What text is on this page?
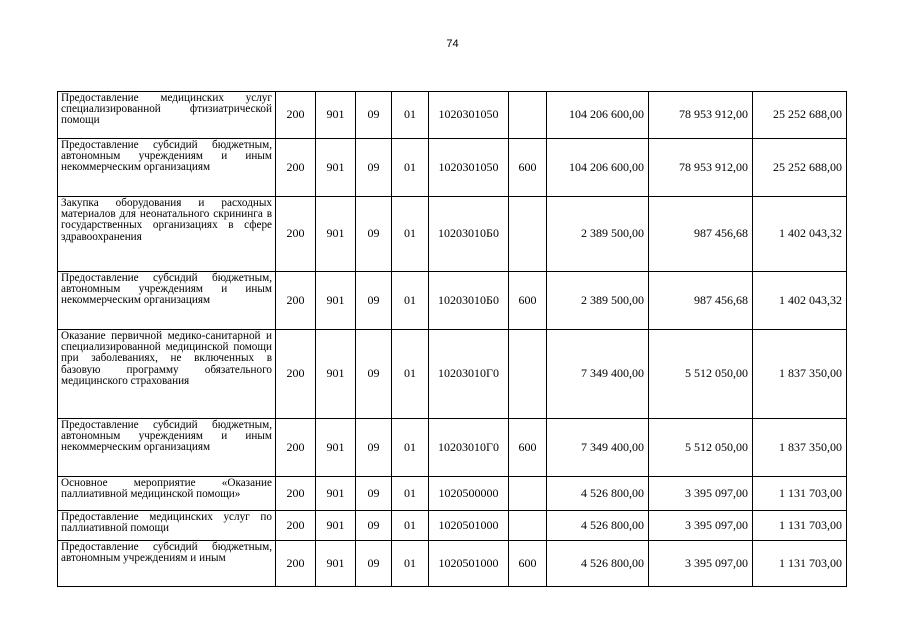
74
Предоставление медицинских услуг специализированной фтизиатрической помощи	200	901	09	01	1020301050		104 206 600,00	78 953 912,00	25 252 688,00
Предоставление субсидий бюджетным, автономным учреждениям и иным некоммерческим организациям	200	901	09	01	1020301050	600	104 206 600,00	78 953 912,00	25 252 688,00
Закупка оборудования и расходных материалов для неонатального скрининга в государственных организациях в сфере здравоохранения	200	901	09	01	10203010Б0		2 389 500,00	987 456,68	1 402 043,32
Предоставление субсидий бюджетным, автономным учреждениям и иным некоммерческим организациям	200	901	09	01	10203010Б0	600	2 389 500,00	987 456,68	1 402 043,32
Оказание первичной медико-санитарной и специализированной медицинской помощи при заболеваниях, не включенных в базовую программу обязательного медицинского страхования	200	901	09	01	10203010Г0		7 349 400,00	5 512 050,00	1 837 350,00
Предоставление субсидий бюджетным, автономным учреждениям и иным некоммерческим организациям	200	901	09	01	10203010Г0	600	7 349 400,00	5 512 050,00	1 837 350,00
Основное мероприятие «Оказание паллиативной медицинской помощи»	200	901	09	01	1020500000		4 526 800,00	3 395 097,00	1 131 703,00
Предоставление медицинских услуг по паллиативной помощи	200	901	09	01	1020501000		4 526 800,00	3 395 097,00	1 131 703,00
Предоставление субсидий бюджетным, автономным учреждениям и иным	200	901	09	01	1020501000	600	4 526 800,00	3 395 097,00	1 131 703,00
